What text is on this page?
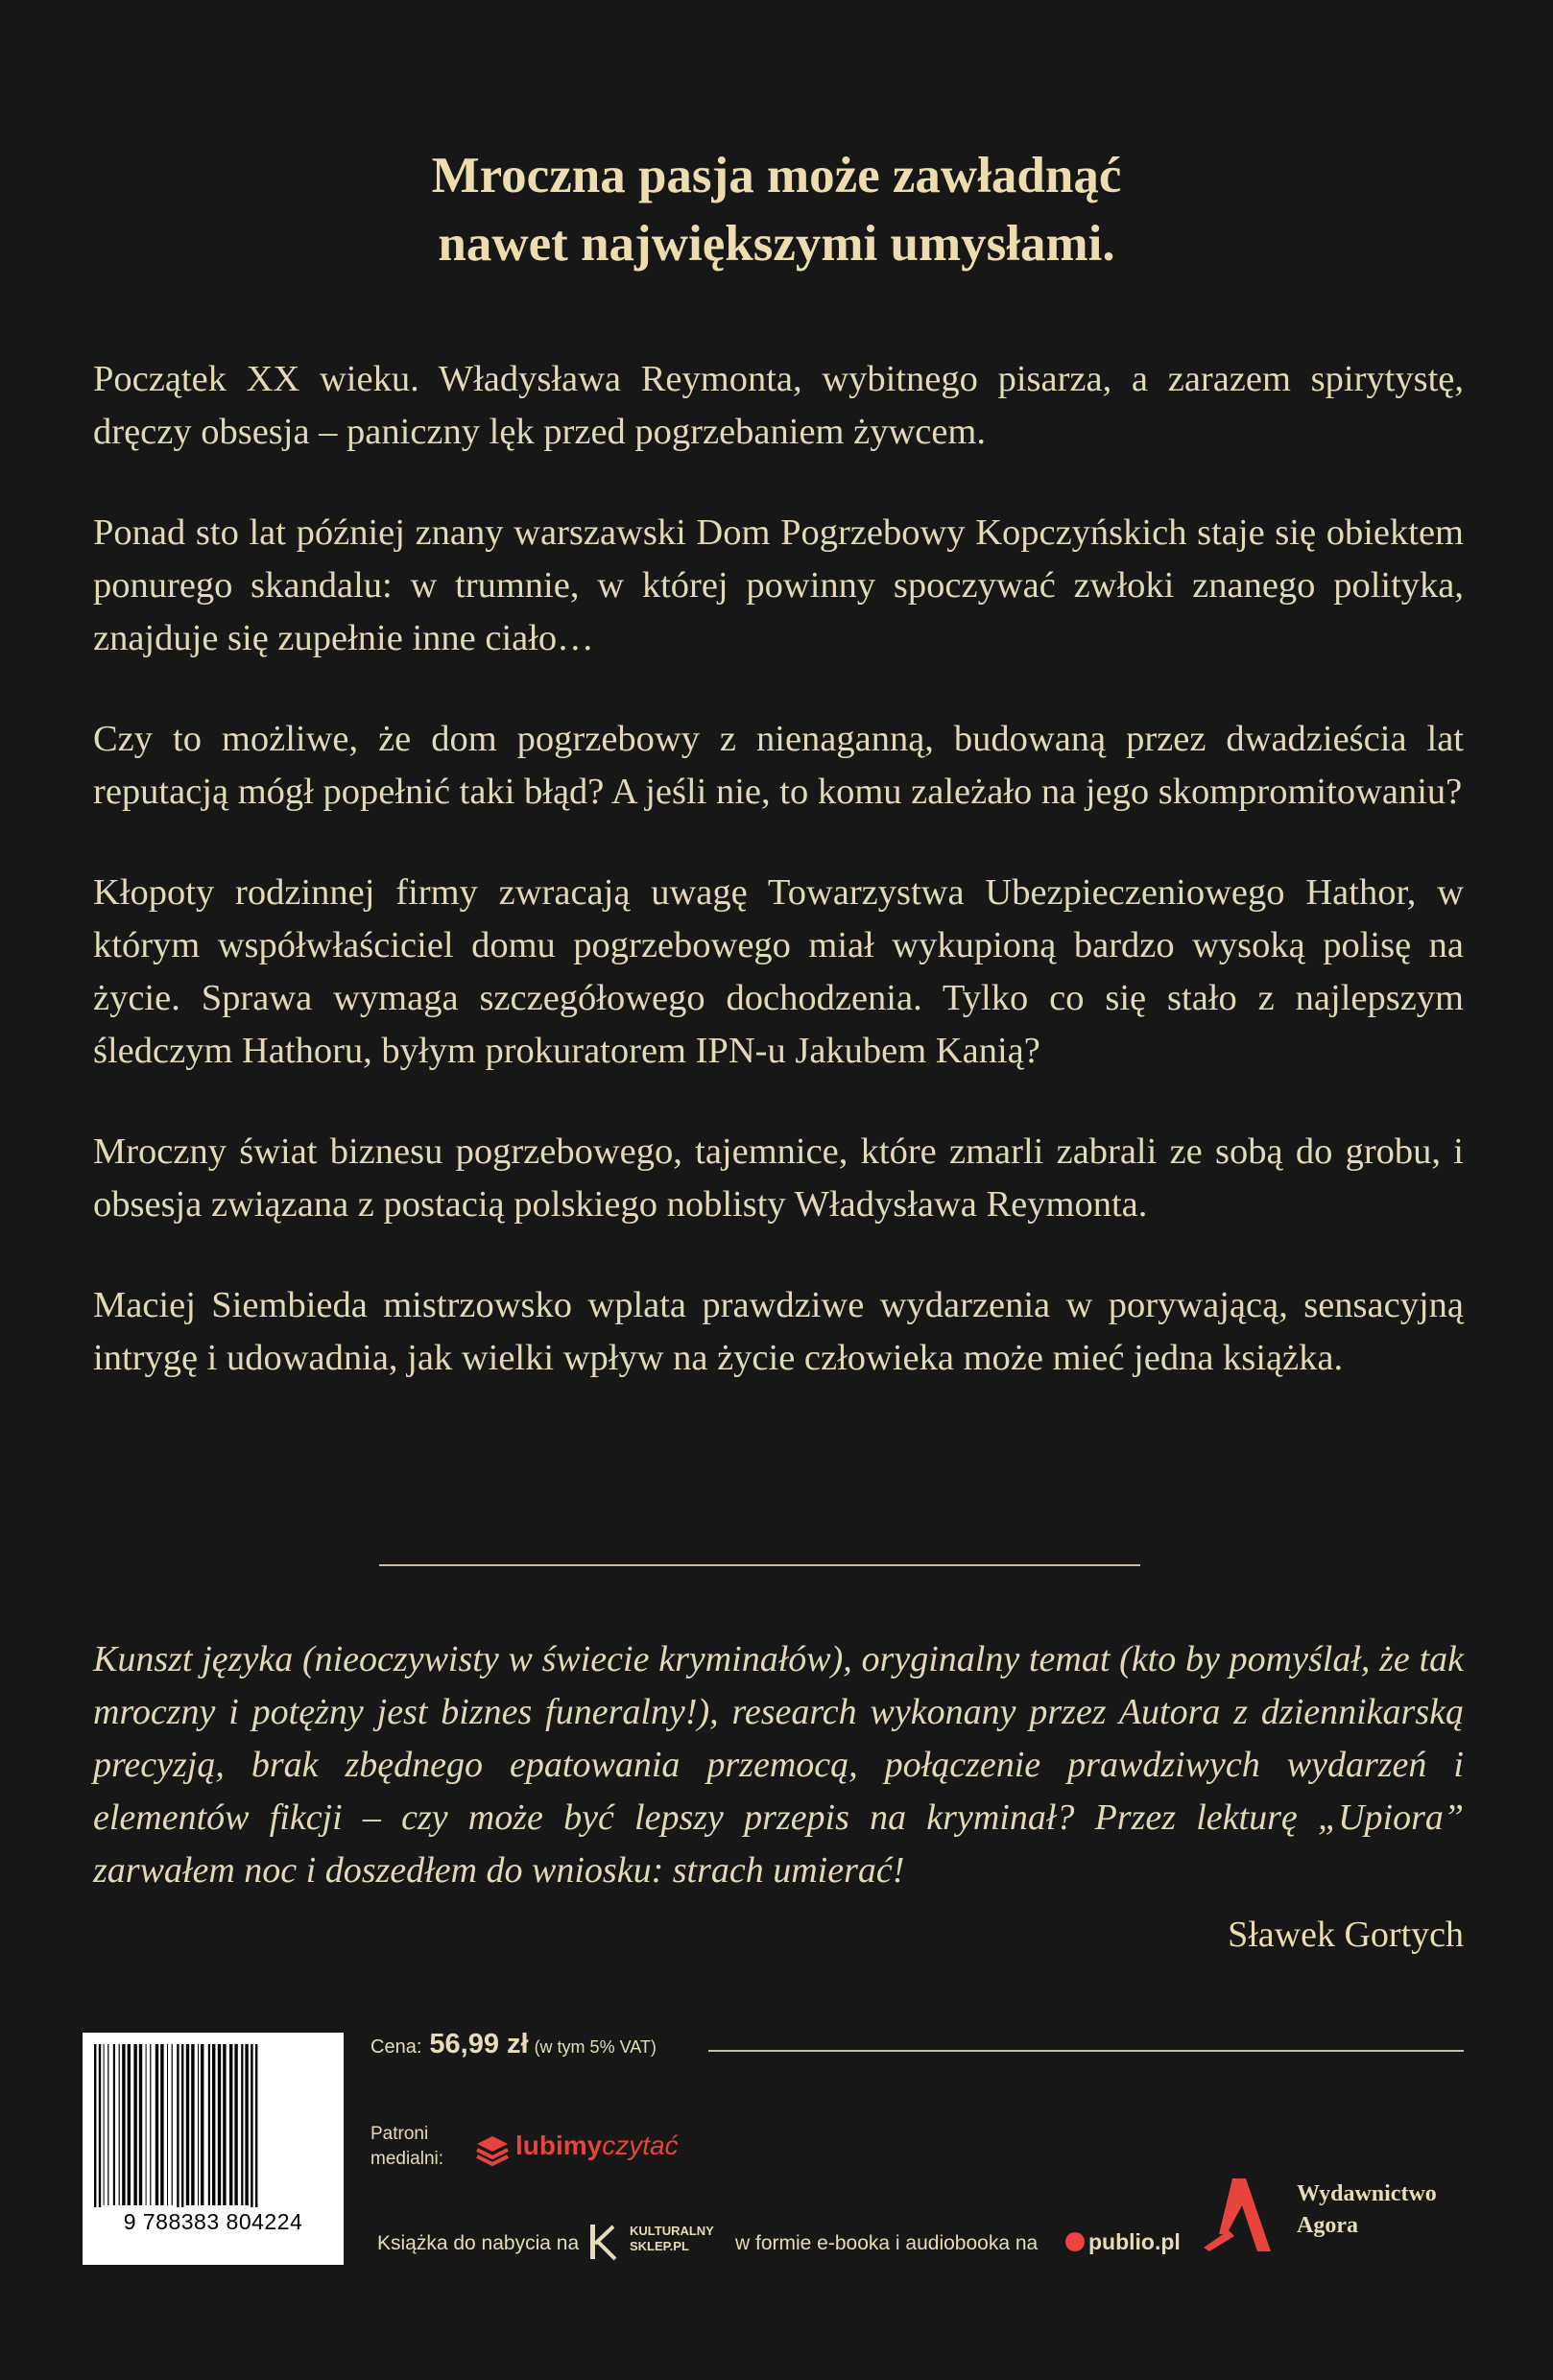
Mroczna pasja może zawładnąć
nawet największymi umysłami.

Początek XX wieku. Władysława Reymonta, wybitnego pisarza, a zarazem spirytystę, dręczy obsesja – paniczny lęk przed pogrzebaniem żywcem.

Ponad sto lat później znany warszawski Dom Pogrzebowy Kopczyńskich staje się obiektem ponurego skandalu: w trumnie, w której powinny spoczywać zwłoki znanego polityka, znajduje się zupełnie inne ciało…

Czy to możliwe, że dom pogrzebowy z nienaganną, budowaną przez dwadzieścia lat reputacją mógł popełnić taki błąd? A jeśli nie, to komu zależało na jego skompromitowaniu?

Kłopoty rodzinnej firmy zwracają uwagę Towarzystwa Ubezpieczeniowego Hathor, w którym współwłaściciel domu pogrzebowego miał wykupioną bardzo wysoką polisę na życie. Sprawa wymaga szczegółowego dochodzenia. Tylko co się stało z najlepszym śledczym Hathoru, byłym prokuratorem IPN-u Jakubem Kanią?

Mroczny świat biznesu pogrzebowego, tajemnice, które zmarli zabrali ze sobą do grobu, i obsesja związana z postacią polskiego noblisty Władysława Reymonta.

Maciej Siembieda mistrzowsko wplata prawdziwe wydarzenia w porywającą, sensacyjną intrygę i udowadnia, jak wielki wpływ na życie człowieka może mieć jedna książka.

Kunszt języka (nieoczywisty w świecie kryminałów), oryginalny temat (kto by pomyślał, że tak mroczny i potężny jest biznes funeralny!), research wykonany przez Autora z dziennikarską precyzją, brak zbędnego epatowania przemocą, połączenie prawdziwych wydarzeń i elementów fikcji – czy może być lepszy przepis na kryminał? Przez lekturę „Upiora” zarwałem noc i doszedłem do wniosku: strach umierać!
Sławek Gortych
9 788383 804224
Cena: 56,99 zł (w tym 5% VAT)
Patroni
medialni:	lubimyczytać
Książka do nabycia na
KULTURALNY
SKLEP.PL	w formie e-booka i audiobooka na publio.pl
Wydawnictwo
Agora
